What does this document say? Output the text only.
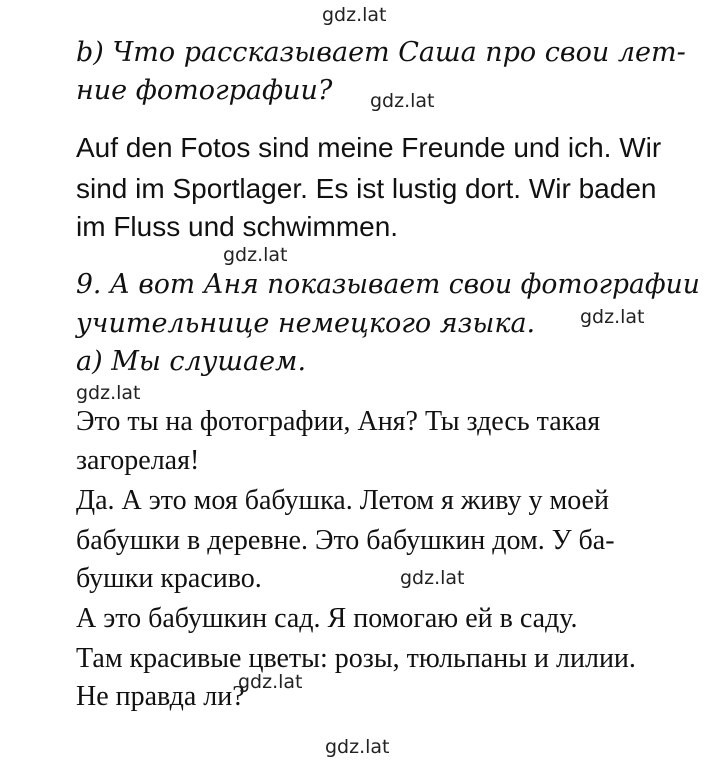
gdz.lat
b) Что рассказывает Саша про свои лет-
ние фотографии? gdz.lat
Auf den Fotos sind meine Freunde und ich. Wir
sind im Sportlager. Es ist lustig dort. Wir baden
im Fluss und schwimmen.
gdz.lat
9. А вот Аня показывает свои фотографии
учительнице немецкого языка. gdz.lat
a) Мы слушаем.
gdz.lat
Это ты на фотографии, Аня? Ты здесь такая
загорелая!
Да. А это моя бабушка. Летом я живу у моей
бабушки в деревне. Это бабушкин дом. У ба-
бушки красиво.	gdz.lat
А это бабушкин сад. Я помогаю ей в саду.
Там красивые цветы: розы, тюльпаны и лилии.
Не правда ли?
gdz.lat
gdz.lat
